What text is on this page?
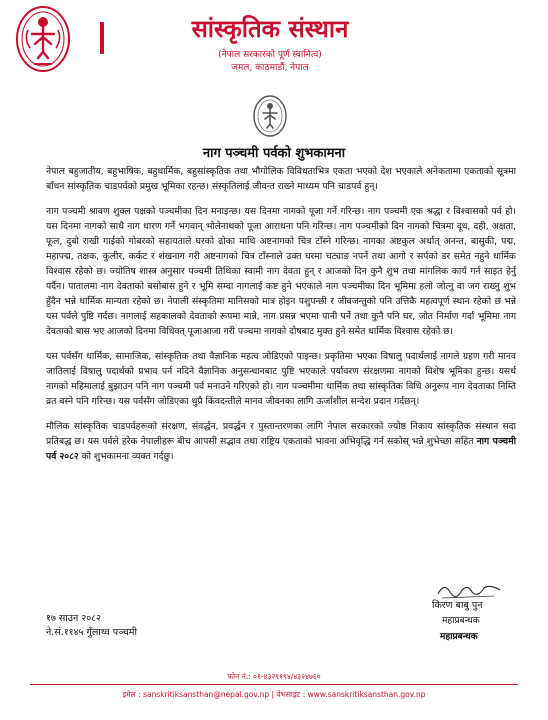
सांस्कृतिक संस्थान
(नेपाल सरकारको पूर्ण स्वामित्व)
जमल, काठमाडौं, नेपाल
नाग पञ्चमी पर्वको शुभकामना

नेपाल बहुजातीय, बहुभाषिक, बहुधार्मिक, बहुसांस्कृतिक तथा भौगोलिक विविधताभित्र एकता भएको देश भएकाले अनेकतामा एकताको सूत्रमा बाँधन सांस्कृतिक चाडपर्वको प्रमुख भूमिका रहन्छ। संस्कृतिलाई जीवन्त राख्ने माध्यम पनि चाडपर्व हुन्।

नाग पञ्चमी श्रावण शुक्ल पक्षको पञ्चमीका दिन मनाइन्छ। यस दिनमा नागको पूजा गर्ने गरिन्छ। नाग पञ्चमी एक श्रद्धा र विश्वासको पर्व हो। यस दिनमा नागको साथै नाग धारण गर्ने भगवान् भोलेनाथको पूजा आराधना पनि गरिन्छ। नाग पञ्चमीको दिन नागको चित्रमा दूध, दही, अक्षता, फूल, दुबो राखी गाईको गोबरको सहायताले घरको ढोका माथि अष्टनागको चित्र टाँस्ने गरिन्छ। नागका अष्टकुल अर्थात् अनन्त, बासुकी, पद्म, महापद्म, तक्षक, कुलीर, कर्कट र शंखनाग गरी अष्टनागको चित्र टाँस्नाले उक्त घरमा चट्याङ नपर्ने तथा आगो र सर्पको डर समेत नहुने धार्मिक विश्वास रहेको छ। ज्योतिष शास्त्र अनुसार पञ्चमी तिथिका स्वामी नाग देवता हुन् र आजको दिन कुनै शुभ तथा मांगलिक कार्य गर्न साइत हेर्नु पर्दैन। पातालमा नाग देवताको बसोबास हुने र भूमि सम्दा नागलाई कष्ट हुने भएकाले नाग पञ्चमीका दिन भूमिमा हलो जोत्नु वा जग राख्नु शुभ हुँदैन भन्ने धार्मिक मान्यता रहेको छ। नेपाली संस्कृतिमा मानिसको मात्र होइन पशुपन्छी र जीवजन्तुको पनि उत्तिकै महत्वपूर्ण स्थान रहेको छ भन्ने यस पर्वले पुष्टि गर्दछ। नागलाई सहकालको देवताको रूपमा मान्ने, नाग प्रसन्न भएमा पानी पर्ने तथा कुनै पनि घर, जोत निर्माण गर्दा भूमिमा नाग देवताको बास भए आजको दिनमा विधिवत् पूजाआजा गरी पञ्चमा नागको दोषबाट मुक्त हुने समेत धार्मिक विश्वास रहेको छ।

यस पर्वसँग धार्मिक, सामाजिक, सांस्कृतिक तथा वैज्ञानिक महत्व जोडिएको पाइन्छ। प्रकृतिमा भएका विषालु पदार्थलाई नागले ग्रहण गरी मानव जातिलाई विषालु पदार्थको प्रभाव पर्न नदिने वैज्ञानिक अनुसन्धानबाट पुष्टि भएकाले पर्यावरण संरक्षणमा नागको विशेष भूमिका हुन्छ। यसर्थ नागको महिमालाई बुझाउन पनि नाग पञ्चमी पर्व मनाउने गरिएको हो। नाग पञ्चमीमा धार्मिक तथा सांस्कृतिक विधि अनुरूप नाग देवताका निम्ति व्रत बस्ने पनि गरिन्छ। यस पर्वसँग जोडिएका थुप्रै किंवदन्तीले मानव जीवनका लागि ऊर्जाशील सन्देश प्रदान गर्दछन्।

मौलिक सांस्कृतिक चाडपर्वहरूको संरक्षण, संवर्द्धन, प्रवर्द्धन र पुस्तान्तरणका लागि नेपाल सरकारको ज्योष्ठ निकाय सांस्कृतिक संस्थान सदा प्रतिबद्ध छ। यस पर्वले हरेक नेपालीहरू बीच आपसी सद्भाव तथा राष्ट्रिय एकताको भावना अभिवृद्धि गर्न सकोस् भन्ने शुभेच्छा सहित नाग पञ्चमी पर्व २०८२ को शुभकामना व्यक्त गर्दछु।

१७ साउन २०८२
ने.सं.११४५ गुँलाथ्व पञ्चमी
किरण बाबु पुन
महाप्रबन्धक
महाप्रबन्धक
फोन नं.: ०१-४३२११९४/४३२४७६०
इमेल : sanskritiksansthan@nepal.gov.np | वेभसाइट : www.sanskritiksansthan.gov.np
